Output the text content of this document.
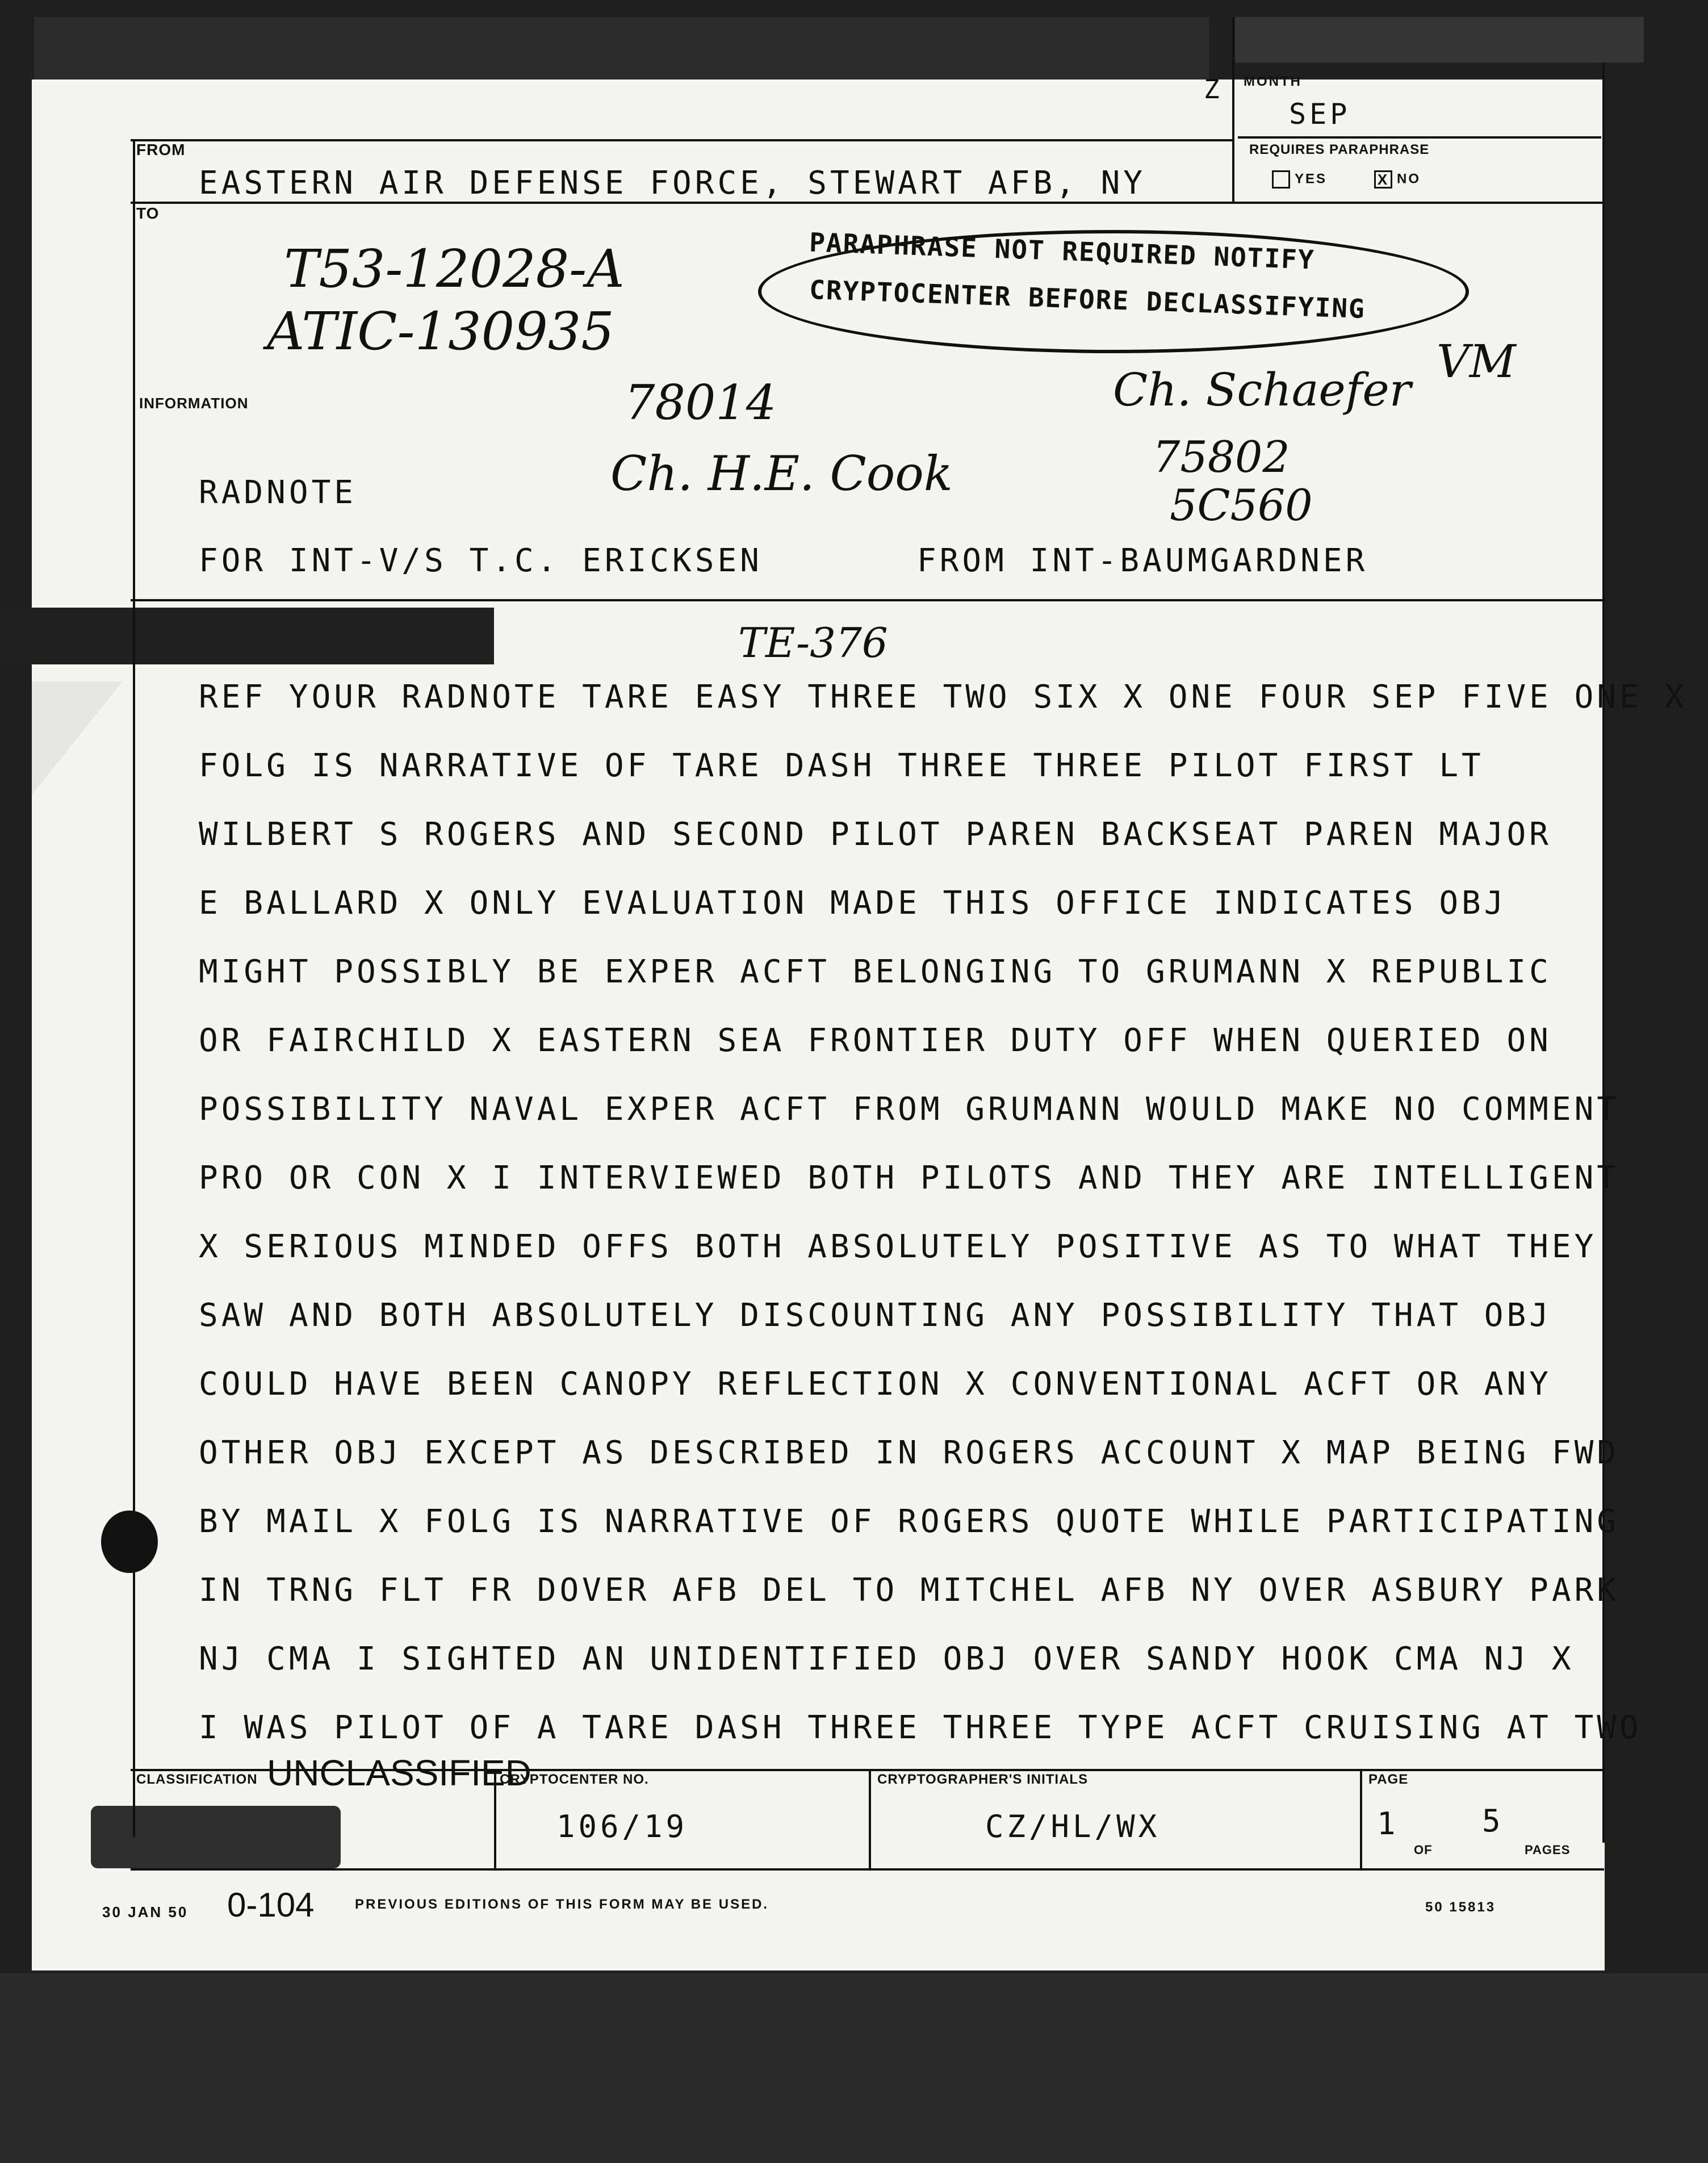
FROM
EASTERN AIR DEFENSE FORCE, STEWART AFB, NY
TO
Z MONTH
SEP
REQUIRES PARAPHRASE
YES	X NO
PARAPHRASE NOT REQUIRED NOTIFY
CRYPTOCENTER BEFORE DECLASSIFYING
T53-12028-A
ATIC-130935
INFORMATION	78014	Ch. Schaefer
VM
Ch. H.E. Cook	75802
5C560
TE-376
RADNOTE
FOR INT-V/S T.C. ERICKSEN	FROM INT-BAUMGARDNER
REF YOUR RADNOTE TARE EASY THREE TWO SIX X ONE FOUR SEP FIVE ONE X
FOLG IS NARRATIVE OF TARE DASH THREE THREE PILOT FIRST LT
WILBERT S ROGERS AND SECOND PILOT PAREN BACKSEAT PAREN MAJOR
E BALLARD X ONLY EVALUATION MADE THIS OFFICE INDICATES OBJ
MIGHT POSSIBLY BE EXPER ACFT BELONGING TO GRUMANN X REPUBLIC
OR FAIRCHILD X EASTERN SEA FRONTIER DUTY OFF WHEN QUERIED ON
POSSIBILITY NAVAL EXPER ACFT FROM GRUMANN WOULD MAKE NO COMMENT
PRO OR CON X I INTERVIEWED BOTH PILOTS AND THEY ARE INTELLIGENT
X SERIOUS MINDED OFFS BOTH ABSOLUTELY POSITIVE AS TO WHAT THEY
SAW AND BOTH ABSOLUTELY DISCOUNTING ANY POSSIBILITY THAT OBJ
COULD HAVE BEEN CANOPY REFLECTION X CONVENTIONAL ACFT OR ANY
OTHER OBJ EXCEPT AS DESCRIBED IN ROGERS ACCOUNT X MAP BEING FWD
BY MAIL X FOLG IS NARRATIVE OF ROGERS QUOTE WHILE PARTICIPATING
IN TRNG FLT FR DOVER AFB DEL TO MITCHEL AFB NY OVER ASBURY PARK
NJ CMA I SIGHTED AN UNIDENTIFIED OBJ OVER SANDY HOOK CMA NJ X
I WAS PILOT OF A TARE DASH THREE THREE TYPE ACFT CRUISING AT TWO
CLASSIFICATION UNCLASSIFIED
CRYPTOCENTER NO.
106/19
CRYPTOGRAPHER'S INITIALS
CZ/HL/WX
PAGE
1	5
OF	PAGES
30 JAN 50 0-104	PREVIOUS EDITIONS OF THIS FORM MAY BE USED.	50 15813
